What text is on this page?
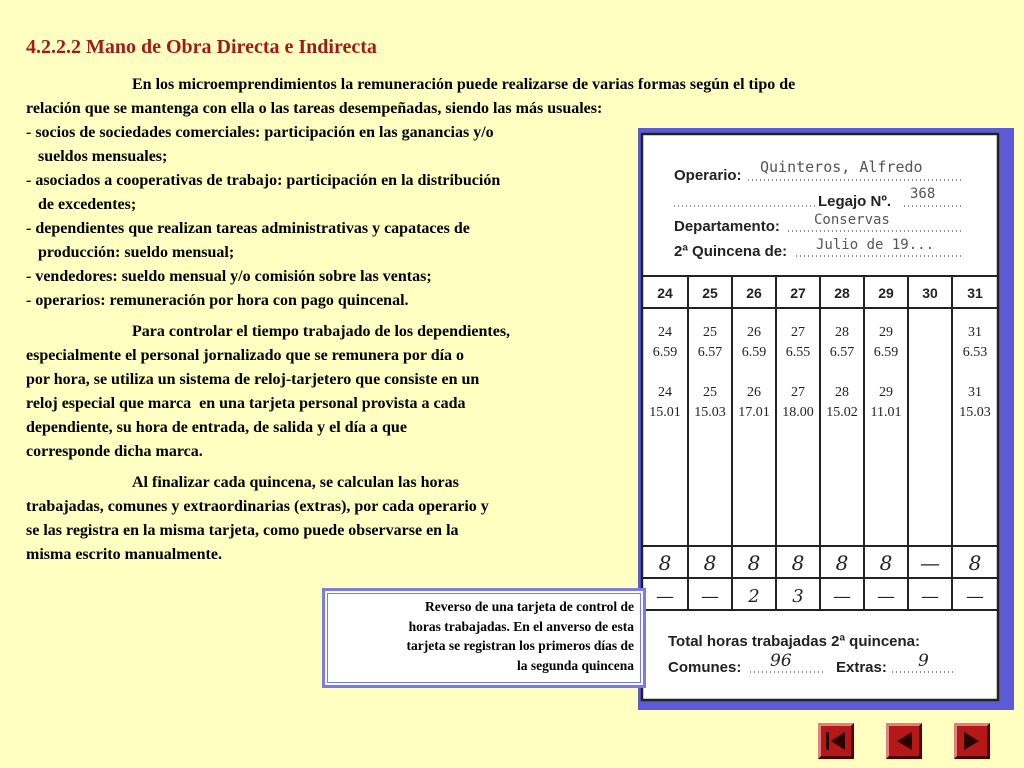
4.2.2.2 Mano de Obra Directa e Indirecta
En los microemprendimientos la remuneración puede realizarse de varias formas según el tipo de
relación que se mantenga con ella o las tareas desempeñadas, siendo las más usuales:
- socios de sociedades comerciales: participación en las ganancias y/o
sueldos mensuales;
- asociados a cooperativas de trabajo: participación en la distribución
de excedentes;
- dependientes que realizan tareas administrativas y capataces de
producción: sueldo mensual;
- vendedores: sueldo mensual y/o comisión sobre las ventas;
- operarios: remuneración por hora con pago quincenal.
Para controlar el tiempo trabajado de los dependientes,
especialmente el personal jornalizado que se remunera por día o
por hora, se utiliza un sistema de reloj-tarjetero que consiste en un
reloj especial que marca  en una tarjeta personal provista a cada
dependiente, su hora de entrada, de salida y el día a que
corresponde dicha marca.
Al finalizar cada quincena, se calculan las horas
trabajadas, comunes y extraordinarias (extras), por cada operario y
se las registra en la misma tarjeta, como puede observarse en la
misma escrito manualmente.
Operario: Quinteros, Alfredo
Legajo Nº. 368
Departamento: Conservas
2ª Quincena de: Julio de 19...
24
24
6.59
24
15.01
8
—
25
25
6.57
25
15.03
8
—
26
26
6.59
26
17.01
8
2
27
27
6.55
27
18.00
8
3
28
28
6.57
28
15.02
8
—
29
29
6.59
29
11.01
8
—
30
—
—
31
31
6.53
31
15.03
8
—
Total horas trabajadas 2ª quincena:
Comunes: 96	Extras: 9
Reverso de una tarjeta de control de
horas trabajadas. En el anverso de esta
tarjeta se registran los primeros días de
la segunda quincena
